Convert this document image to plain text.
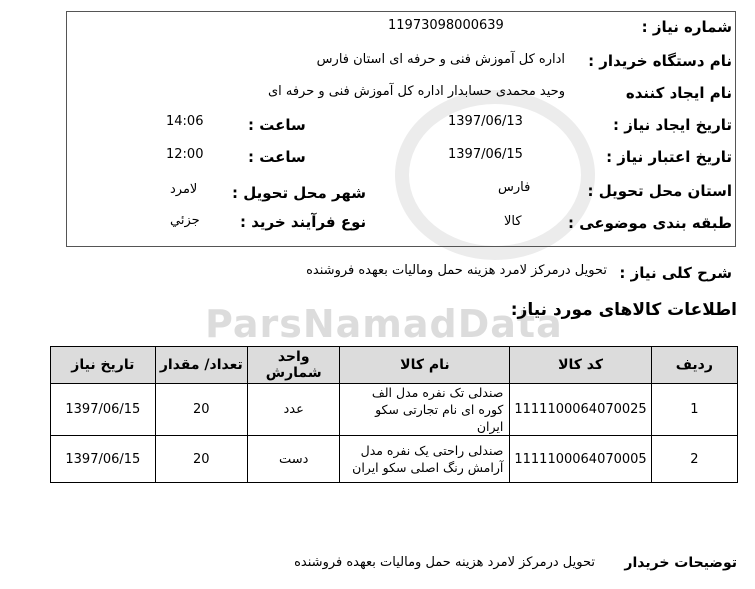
ParsNamadData
شماره نیاز :
11973098000639
نام دستگاه خریدار :
اداره کل آموزش فنی و حرفه ای استان فارس
نام ایجاد کننده
وحید محمدی حسابدار اداره کل آموزش فنی و حرفه ای
تاریخ ایجاد نیاز :
1397/06/13
ساعت :
14:06
تاریخ اعتبار نیاز :
1397/06/15
ساعت :
12:00
استان محل تحویل :
فارس
شهر محل تحویل :
لامرد
طبقه بندی موضوعی :
کالا
نوع فرآیند خرید :
جزئي
شرح کلی نیاز :
تحویل درمرکز لامرد هزینه حمل وماليات بعهده فروشنده
اطلاعات کالاهای مورد نیاز:
ردیف	کد کالا	نام کالا	واحد شمارش	تعداد/ مقدار	تاریخ نیاز
1	1111100064070025	صندلی تک نفره مدل الف کوره ای نام تجارتی سکو ایران	عدد	20	1397/06/15
2	1111100064070005	صندلی راحتی یک نفره مدل آرامش رنگ اصلی سکو ایران	دست	20	1397/06/15
توضیحات خریدار
تحویل درمرکز لامرد هزینه حمل وماليات بعهده فروشنده
